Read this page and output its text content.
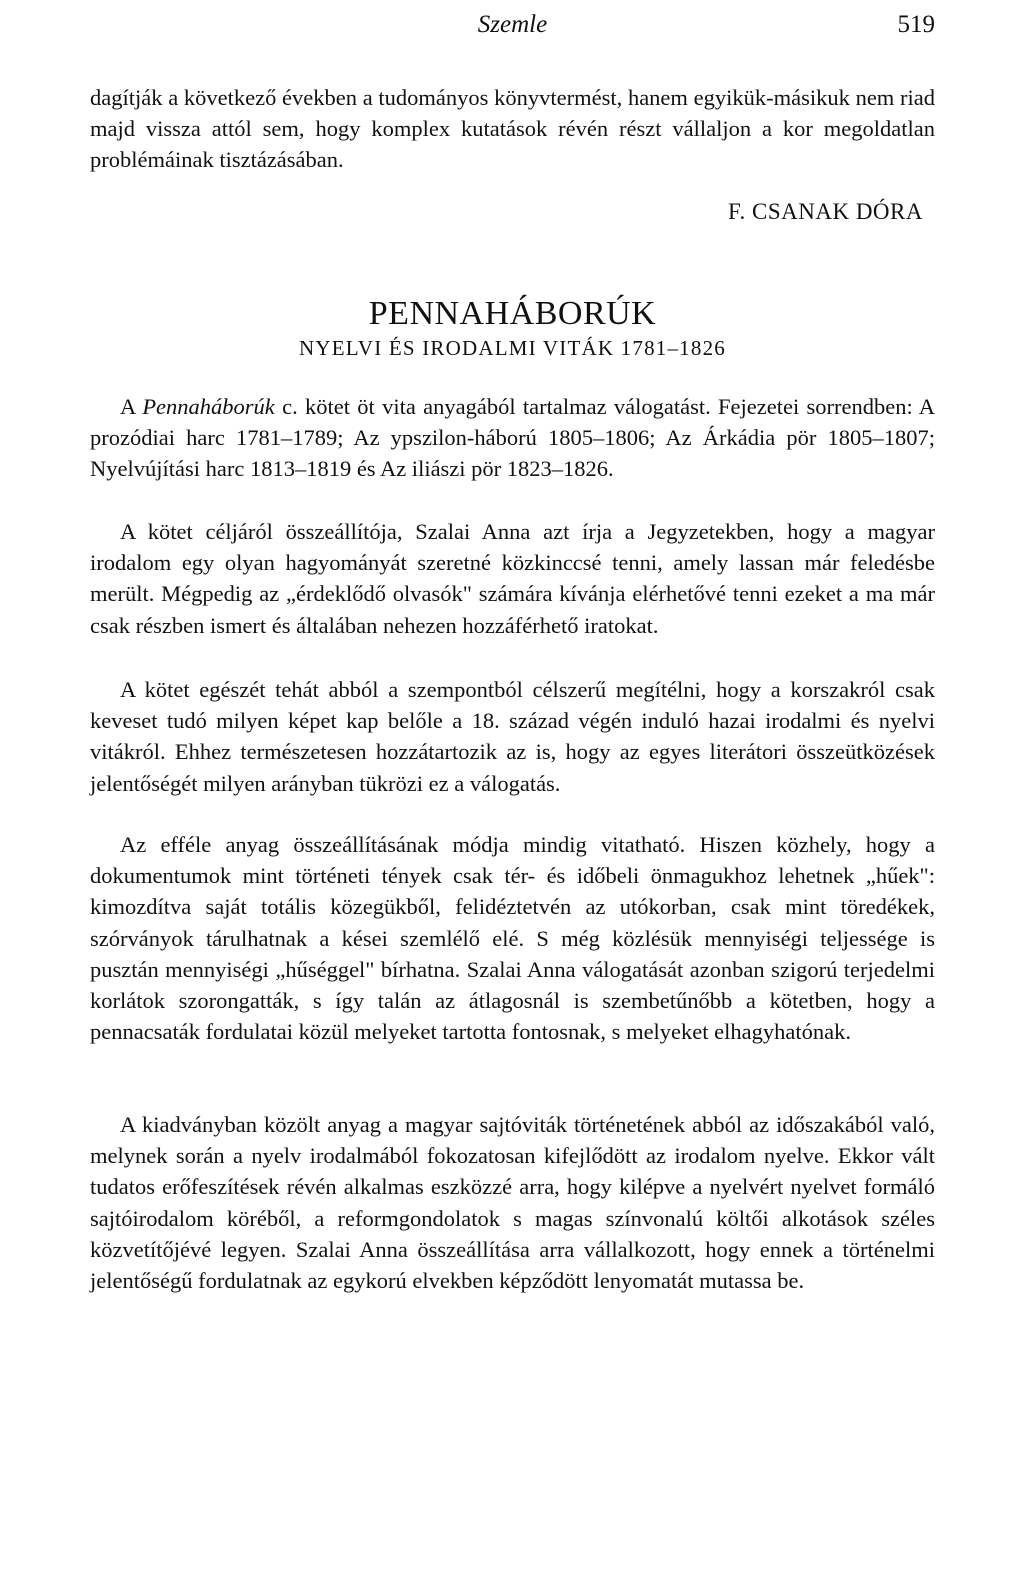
Szemle	519

dagítják a következő években a tudományos könyvtermést, hanem egyikük-másikuk nem riad majd vissza attól sem, hogy komplex kutatások révén részt vállaljon a kor megoldatlan problémáinak tisztázásában.

F. CSANAK DÓRA
PENNAHÁBORÚK
NYELVI ÉS IRODALMI VITÁK 1781–1826

A Pennaháborúk c. kötet öt vita anyagából tartalmaz válogatást. Fejezetei sorrendben: A prozódiai harc 1781–1789; Az ypszilon-háború 1805–1806; Az Árkádia pör 1805–1807; Nyelvújítási harc 1813–1819 és Az iliászi pör 1823–1826.

A kötet céljáról összeállítója, Szalai Anna azt írja a Jegyzetekben, hogy a magyar irodalom egy olyan hagyományát szeretné közkinccsé tenni, amely lassan már feledésbe merült. Mégpedig az „érdeklődő olvasók" számára kívánja elérhetővé tenni ezeket a ma már csak részben ismert és általában nehezen hozzáférhető iratokat.

A kötet egészét tehát abból a szempontból célszerű megítélni, hogy a korszakról csak keveset tudó milyen képet kap belőle a 18. század végén induló hazai irodalmi és nyelvi vitákról. Ehhez természetesen hozzátartozik az is, hogy az egyes literátori összeütközések jelentőségét milyen arányban tükrözi ez a válogatás.

Az efféle anyag összeállításának módja mindig vitatható. Hiszen közhely, hogy a dokumentumok mint történeti tények csak tér- és időbeli önmagukhoz lehetnek „hűek": kimozdítva saját totális közegükből, felidéztetvén az utókorban, csak mint töredékek, szórványok tárulhatnak a kései szemlélő elé. S még közlésük mennyiségi teljessége is pusztán mennyiségi „hűséggel" bírhatna. Szalai Anna válogatását azonban szigorú terjedelmi korlátok szorongatták, s így talán az átlagosnál is szembetűnőbb a kötetben, hogy a pennacsaták fordulatai közül melyeket tartotta fontosnak, s melyeket elhagyhatónak.

A kiadványban közölt anyag a magyar sajtóviták történetének abból az időszakából való, melynek során a nyelv irodalmából fokozatosan kifejlődött az irodalom nyelve. Ekkor vált tudatos erőfeszítések révén alkalmas eszközzé arra, hogy kilépve a nyelvért nyelvet formáló sajtóirodalom köréből, a reformgondolatok s magas színvonalú költői alkotások széles közvetítőjévé legyen. Szalai Anna összeállítása arra vállalkozott, hogy ennek a történelmi jelentőségű fordulatnak az egykorú elvekben képződött lenyomatát mutassa be.
